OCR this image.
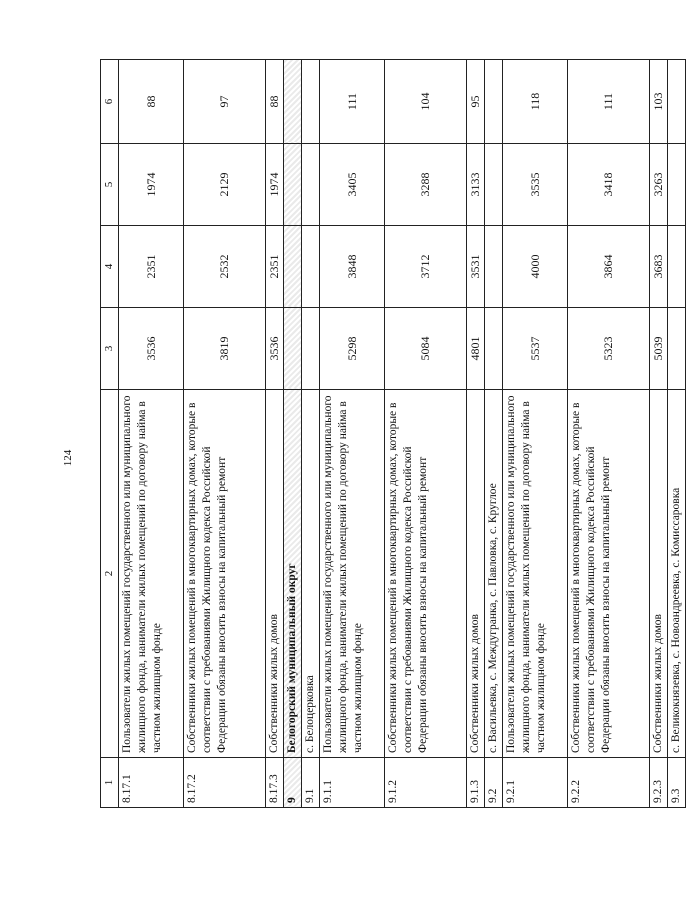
124
1	2	3	4	5	6
8.17.1	Пользователи жилых помещений государственного или муниципального жилищного фонда, наниматели жилых помещений по договору найма в частном жилищном фонде	3536	2351	1974	88
8.17.2	Собственники жилых помещений в многоквартирных домах, которые в соответствии с требованиями Жилищного кодекса Российской Федерации обязаны вносить взносы на капитальный ремонт	3819	2532	2129	97
8.17.3	Собственники жилых домов	3536	2351	1974	88
9	Белогорский муниципальный округ				
9.1	с. Белоцерковка				
9.1.1	Пользователи жилых помещений государственного или муниципального жилищного фонда, наниматели жилых помещений по договору найма в частном жилищном фонде	5298	3848	3405	111
9.1.2	Собственники жилых помещений в многоквартирных домах, которые в соответствии с требованиями Жилищного кодекса Российской Федерации обязаны вносить взносы на капитальный ремонт	5084	3712	3288	104
9.1.3	Собственники жилых домов	4801	3531	3133	95
9.2	с. Васильевка, с. Междугранка, с. Павловка, с. Круглое				
9.2.1	Пользователи жилых помещений государственного или муниципального жилищного фонда, наниматели жилых помещений по договору найма в частном жилищном фонде	5537	4000	3535	118
9.2.2	Собственники жилых помещений в многоквартирных домах, которые в соответствии с требованиями Жилищного кодекса Российской Федерации обязаны вносить взносы на капитальный ремонт	5323	3864	3418	111
9.2.3	Собственники жилых домов	5039	3683	3263	103
9.3	с. Великокнязевка, с. Новоандреевка, с. Комиссаровка				
